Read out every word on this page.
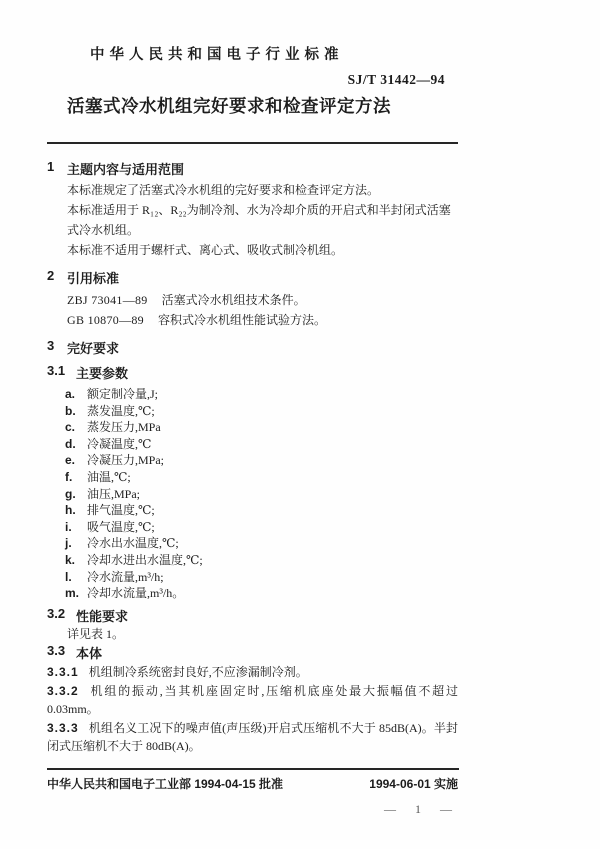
中华人民共和国电子行业标准
SJ/T 31442—94
活塞式冷水机组完好要求和检查评定方法
1 主题内容与适用范围
本标准规定了活塞式冷水机组的完好要求和检查评定方法。
本标准适用于 R₁₂、R₂₂为制冷剂、水为冷却介质的开启式和半封闭式活塞式冷水机组。
本标准不适用于螺杆式、离心式、吸收式制冷机组。
2 引用标准
ZBJ 73041—89 活塞式冷水机组技术条件。
GB 10870—89 容积式冷水机组性能试验方法。
3 完好要求
3.1 主要参数
a. 额定制冷量,J;
b. 蒸发温度,℃;
c. 蒸发压力,MPa
d. 冷凝温度,℃
e. 冷凝压力,MPa;
f.	油温,℃;
g. 油压,MPa;
h. 排气温度,℃;
i.	吸气温度,℃;
j.	冷水出水温度,℃;
k. 冷却水进出水温度,℃;
l.	冷水流量,m³/h;
m. 冷却水流量,m³/h。
3.2 性能要求
详见表 1。
3.3 本体
3.3.1 机组制冷系统密封良好,不应渗漏制冷剂。
3.3.2 机组的振动,当其机座固定时,压缩机底座处最大振幅值不超过 0.03mm。
3.3.3 机组名义工况下的噪声值(声压级)开启式压缩机不大于 85dB(A)。半封闭式压缩机不大于 80dB(A)。
中华人民共和国电子工业部 1994-04-15 批准	1994-06-01 实施
— 1 —
